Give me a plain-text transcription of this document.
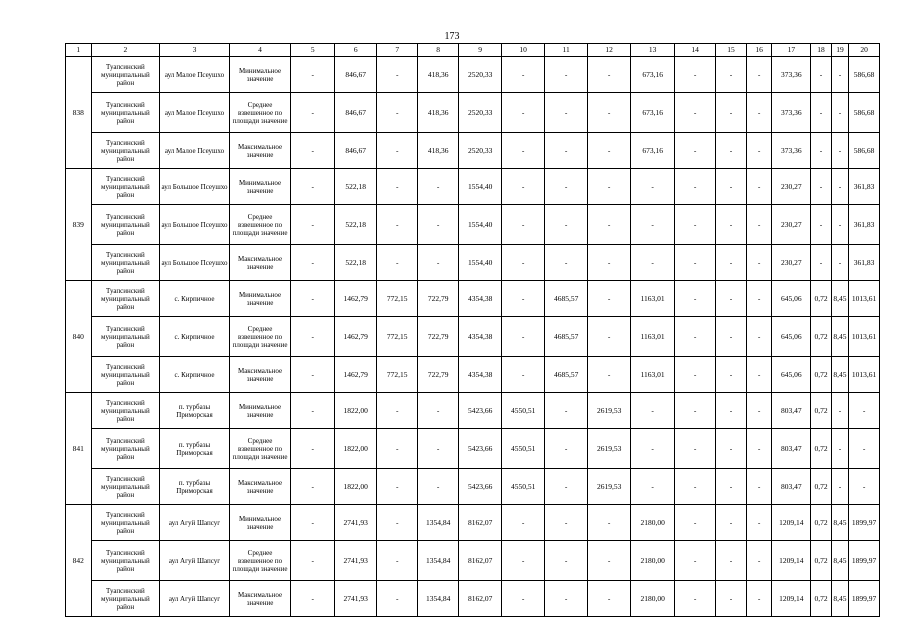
173
1	2	3	4	5	6	7	8	9	10	11	12	13	14	15	16	17	18	19	20
838	Туапсинский муниципальный район	аул Малое Псеушхо	Минимальное значение	-	846,67	-	418,36	2520,33	-	-	-	673,16	-	-	-	373,36	-	-	586,68
	Туапсинский муниципальный район	аул Малое Псеушхо	Среднее взвешенное по площади значение	-	846,67	-	418,36	2520,33	-	-	-	673,16	-	-	-	373,36	-	-	586,68
	Туапсинский муниципальный район	аул Малое Псеушхо	Максимальное значение	-	846,67	-	418,36	2520,33	-	-	-	673,16	-	-	-	373,36	-	-	586,68
839	Туапсинский муниципальный район	аул Большое Псеушхо	Минимальное значение	-	522,18	-	-	1554,40	-	-	-	-	-	-	-	230,27	-	-	361,83
	Туапсинский муниципальный район	аул Большое Псеушхо	Среднее взвешенное по площади значение	-	522,18	-	-	1554,40	-	-	-	-	-	-	-	230,27	-	-	361,83
	Туапсинский муниципальный район	аул Большое Псеушхо	Максимальное значение	-	522,18	-	-	1554,40	-	-	-	-	-	-	-	230,27	-	-	361,83
840	Туапсинский муниципальный район	с. Кирпичное	Минимальное значение	-	1462,79	772,15	722,79	4354,38	-	4685,57	-	1163,01	-	-	-	645,06	0,72	8,45	1013,61
	Туапсинский муниципальный район	с. Кирпичное	Среднее взвешенное по площади значение	-	1462,79	772,15	722,79	4354,38	-	4685,57	-	1163,01	-	-	-	645,06	0,72	8,45	1013,61
	Туапсинский муниципальный район	с. Кирпичное	Максимальное значение	-	1462,79	772,15	722,79	4354,38	-	4685,57	-	1163,01	-	-	-	645,06	0,72	8,45	1013,61
841	Туапсинский муниципальный район	п. турбазы Приморская	Минимальное значение	-	1822,00	-	-	5423,66	4550,51	-	2619,53	-	-	-	-	803,47	0,72	-	-
	Туапсинский муниципальный район	п. турбазы Приморская	Среднее взвешенное по площади значение	-	1822,00	-	-	5423,66	4550,51	-	2619,53	-	-	-	-	803,47	0,72	-	-
	Туапсинский муниципальный район	п. турбазы Приморская	Максимальное значение	-	1822,00	-	-	5423,66	4550,51	-	2619,53	-	-	-	-	803,47	0,72	-	-
842	Туапсинский муниципальный район	аул Агуй Шапсуг	Минимальное значение	-	2741,93	-	1354,84	8162,07	-	-	-	2180,00	-	-	-	1209,14	0,72	8,45	1899,97
	Туапсинский муниципальный район	аул Агуй Шапсуг	Среднее взвешенное по площади значение	-	2741,93	-	1354,84	8162,07	-	-	-	2180,00	-	-	-	1209,14	0,72	8,45	1899,97
	Туапсинский муниципальный район	аул Агуй Шапсуг	Максимальное значение	-	2741,93	-	1354,84	8162,07	-	-	-	2180,00	-	-	-	1209,14	0,72	8,45	1899,97
